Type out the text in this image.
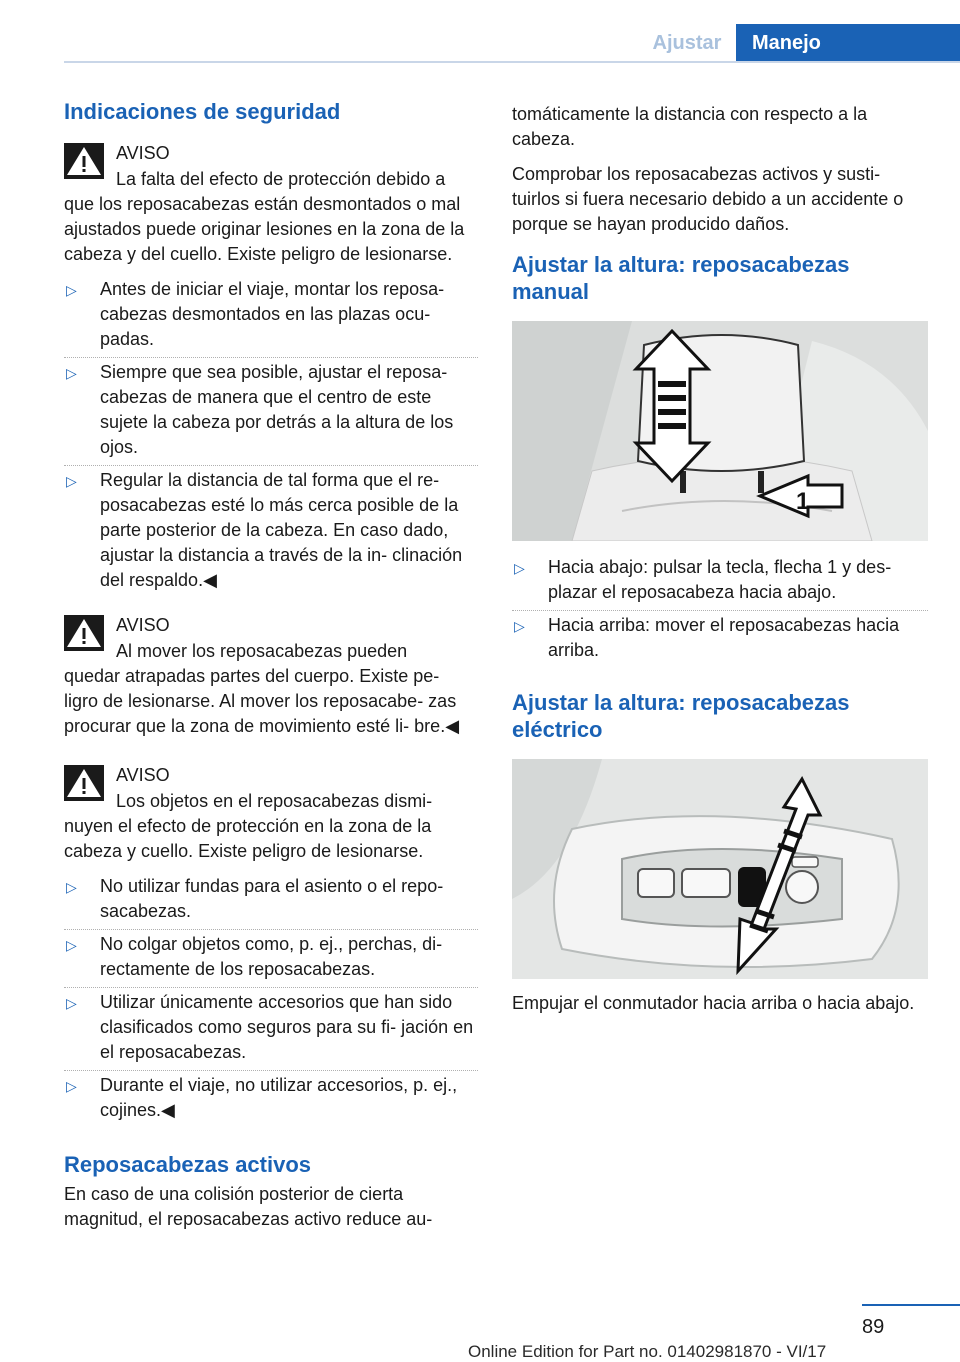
Ajustar	Manejo
Indicaciones de seguridad
AVISO
La falta del efecto de protección debido a
que los reposacabezas están desmontados o mal ajustados puede originar lesiones en la zona de la cabeza y del cuello. Existe peligro de lesionarse.
▷ Antes de iniciar el viaje, montar los reposa‐ cabezas desmontados en las plazas ocu‐ padas.
▷ Siempre que sea posible, ajustar el reposa‐ cabezas de manera que el centro de este sujete la cabeza por detrás a la altura de los ojos.
▷ Regular la distancia de tal forma que el re‐ posacabezas esté lo más cerca posible de la parte posterior de la cabeza. En caso dado, ajustar la distancia a través de la in‐ clinación del respaldo.◀
AVISO
Al mover los reposacabezas pueden
quedar atrapadas partes del cuerpo. Existe pe‐ ligro de lesionarse. Al mover los reposacabe‐ zas procurar que la zona de movimiento esté li‐ bre.◀
AVISO
Los objetos en el reposacabezas dismi‐
nuyen el efecto de protección en la zona de la cabeza y cuello. Existe peligro de lesionarse.
▷ No utilizar fundas para el asiento o el repo‐ sacabezas.
▷ No colgar objetos como, p. ej., perchas, di‐ rectamente de los reposacabezas.
▷ Utilizar únicamente accesorios que han sido clasificados como seguros para su fi‐ jación en el reposacabezas.
▷ Durante el viaje, no utilizar accesorios, p. ej., cojines.◀
Reposacabezas activos

En caso de una colisión posterior de cierta magnitud, el reposacabezas activo reduce au‐

tomáticamente la distancia con respecto a la cabeza.

Comprobar los reposacabezas activos y susti‐ tuirlos si fuera necesario debido a un accidente o porque se hayan producido daños.

Ajustar la altura: reposacabezas manual
1
▷ Hacia abajo: pulsar la tecla, flecha 1 y des‐ plazar el reposacabeza hacia abajo.
▷ Hacia arriba: mover el reposacabezas hacia arriba.
Ajustar la altura: reposacabezas eléctrico

Empujar el conmutador hacia arriba o hacia abajo.

89
Online Edition for Part no. 01402981870 - VI/17
